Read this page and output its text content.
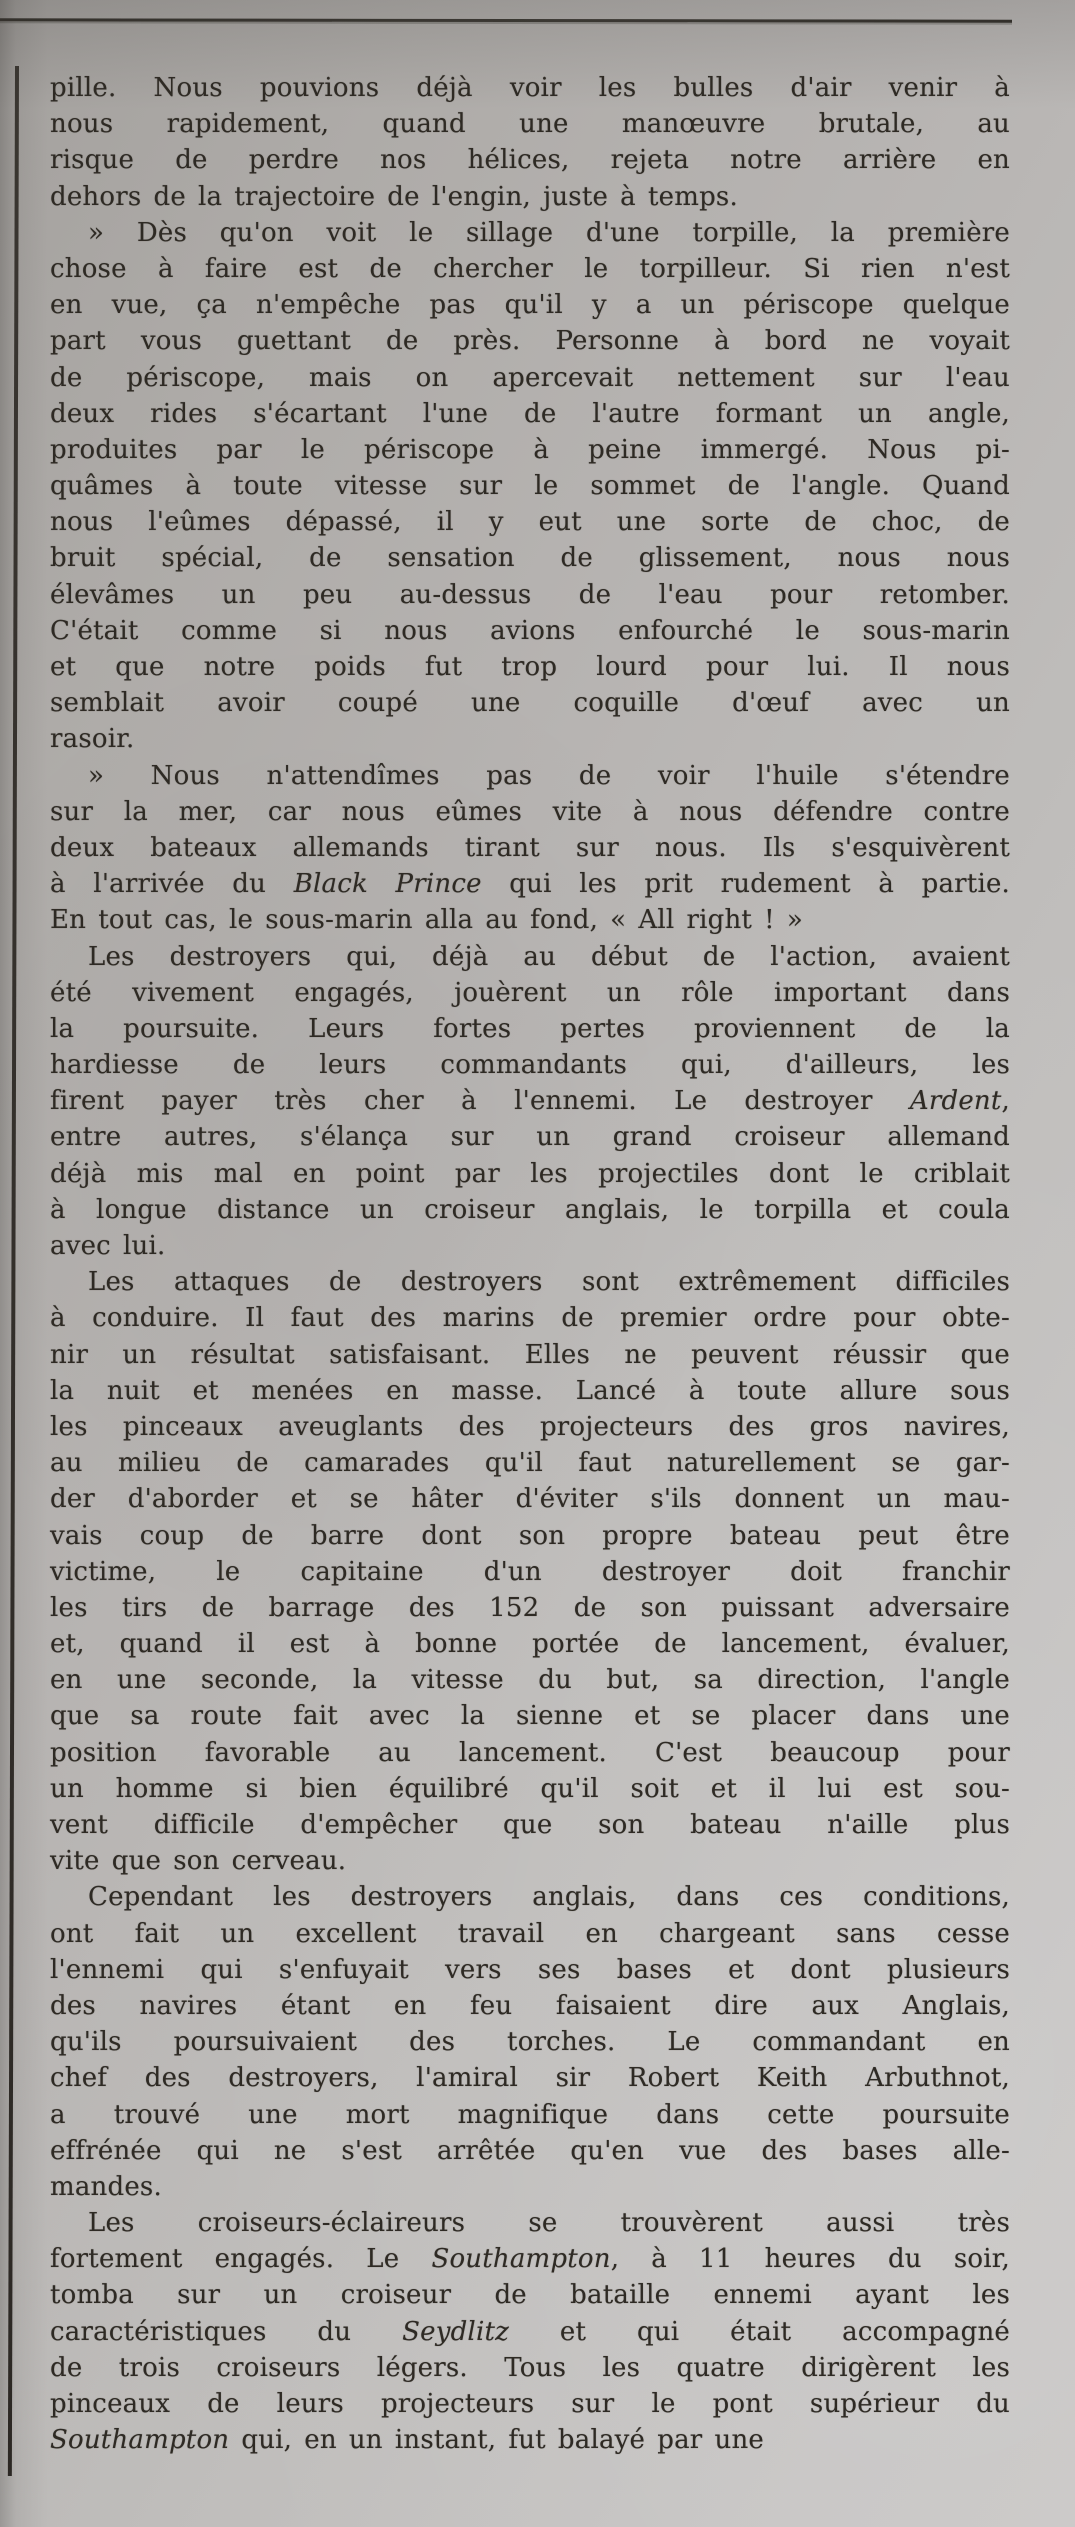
pille. Nous pouvions déjà voir les bulles d'air venir à
nous rapidement, quand une manœuvre brutale, au
risque de perdre nos hélices, rejeta notre arrière en
dehors de la trajectoire de l'engin, juste à temps.
» Dès qu'on voit le sillage d'une torpille, la première
chose à faire est de chercher le torpilleur. Si rien n'est
en vue, ça n'empêche pas qu'il y a un périscope quelque
part vous guettant de près. Personne à bord ne voyait
de périscope, mais on apercevait nettement sur l'eau
deux rides s'écartant l'une de l'autre formant un angle,
produites par le périscope à peine immergé. Nous pi-
quâmes à toute vitesse sur le sommet de l'angle. Quand
nous l'eûmes dépassé, il y eut une sorte de choc, de
bruit spécial, de sensation de glissement, nous nous
élevâmes un peu au-dessus de l'eau pour retomber.
C'était comme si nous avions enfourché le sous-marin
et que notre poids fut trop lourd pour lui. Il nous
semblait avoir coupé une coquille d'œuf avec un
rasoir.
» Nous n'attendîmes pas de voir l'huile s'étendre
sur la mer, car nous eûmes vite à nous défendre contre
deux bateaux allemands tirant sur nous. Ils s'esquivèrent
à l'arrivée du Black Prince qui les prit rudement à partie.
En tout cas, le sous-marin alla au fond, « All right ! »
Les destroyers qui, déjà au début de l'action, avaient
été vivement engagés, jouèrent un rôle important dans
la poursuite. Leurs fortes pertes proviennent de la
hardiesse de leurs commandants qui, d'ailleurs, les
firent payer très cher à l'ennemi. Le destroyer Ardent,
entre autres, s'élança sur un grand croiseur allemand
déjà mis mal en point par les projectiles dont le criblait
à longue distance un croiseur anglais, le torpilla et coula
avec lui.
Les attaques de destroyers sont extrêmement difficiles
à conduire. Il faut des marins de premier ordre pour obte-
nir un résultat satisfaisant. Elles ne peuvent réussir que
la nuit et menées en masse. Lancé à toute allure sous
les pinceaux aveuglants des projecteurs des gros navires,
au milieu de camarades qu'il faut naturellement se gar-
der d'aborder et se hâter d'éviter s'ils donnent un mau-
vais coup de barre dont son propre bateau peut être
victime, le capitaine d'un destroyer doit franchir
les tirs de barrage des 152 de son puissant adversaire
et, quand il est à bonne portée de lancement, évaluer,
en une seconde, la vitesse du but, sa direction, l'angle
que sa route fait avec la sienne et se placer dans une
position favorable au lancement. C'est beaucoup pour
un homme si bien équilibré qu'il soit et il lui est sou-
vent difficile d'empêcher que son bateau n'aille plus
vite que son cerveau.
Cependant les destroyers anglais, dans ces conditions,
ont fait un excellent travail en chargeant sans cesse
l'ennemi qui s'enfuyait vers ses bases et dont plusieurs
des navires étant en feu faisaient dire aux Anglais,
qu'ils poursuivaient des torches. Le commandant en
chef des destroyers, l'amiral sir Robert Keith Arbuthnot,
a trouvé une mort magnifique dans cette poursuite
effrénée qui ne s'est arrêtée qu'en vue des bases alle-
mandes.
Les croiseurs-éclaireurs se trouvèrent aussi très
fortement engagés. Le Southampton, à 11 heures du soir,
tomba sur un croiseur de bataille ennemi ayant les
caractéristiques du Seydlitz et qui était accompagné
de trois croiseurs légers. Tous les quatre dirigèrent les
pinceaux de leurs projecteurs sur le pont supérieur du
Southampton qui, en un instant, fut balayé par une
